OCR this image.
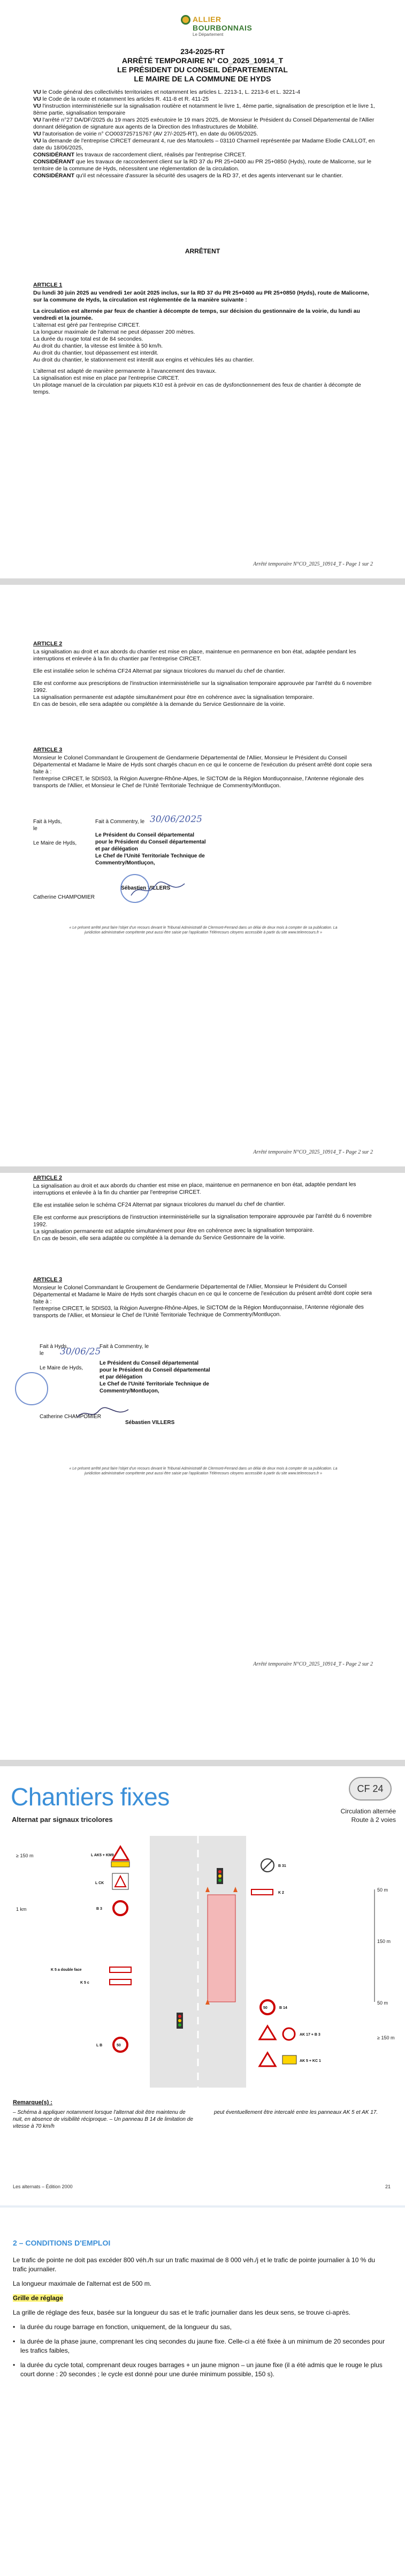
ALLIER
BOURBONNAIS
Le Département
234-2025-RT
ARRÊTÉ TEMPORAIRE N° CO_2025_10914_T
LE PRÉSIDENT DU CONSEIL DÉPARTEMENTAL
LE MAIRE DE LA COMMUNE DE HYDS

VU le Code général des collectivités territoriales et notamment les articles L. 2213-1, L. 2213-6 et L. 3221-4

VU le Code de la route et notamment les articles R. 411-8 et R. 411-25

VU l'instruction interministérielle sur la signalisation routière et notamment le livre 1, 4ème partie, signalisation de prescription et le livre 1, 8ème partie, signalisation temporaire

VU l'arrêté n°27 DA/DF/2025 du 19 mars 2025 exécutoire le 19 mars 2025, de Monsieur le Président du Conseil Départemental de l'Allier donnant délégation de signature aux agents de la Direction des Infrastructures de Mobilité.

VU l'autorisation de voirie n° CO00372571S767 (AV 27/-2025-RT), en date du 06/05/2025.

VU la demande de l'entreprise CIRCET demeurant 4, rue des Martoulets – 03110 Charmeil représentée par Madame Elodie CAILLOT, en date du 18/06/2025,

CONSIDÉRANT les travaux de raccordement client, réalisés par l'entreprise CIRCET.

CONSIDÉRANT que les travaux de raccordement client sur la RD 37 du PR 25+0400 au PR 25+0850 (Hyds), route de Malicorne, sur le territoire de la commune de Hyds, nécessitent une réglementation de la circulation.

CONSIDÉRANT qu'il est nécessaire d'assurer la sécurité des usagers de la RD 37, et des agents intervenant sur le chantier.

ARRÊTENT
ARTICLE 1

Du lundi 30 juin 2025 au vendredi 1er août 2025 inclus, sur la RD 37 du PR 25+0400 au PR 25+0850 (Hyds), route de Malicorne, sur la commune de Hyds, la circulation est réglementée de la manière suivante :

La circulation est alternée par feux de chantier à décompte de temps, sur décision du gestionnaire de la voirie, du lundi au vendredi et la journée.

L'alternat est géré par l'entreprise CIRCET.

La longueur maximale de l'alternat ne peut dépasser 200 mètres.

La durée du rouge total est de 84 secondes.

Au droit du chantier, la vitesse est limitée à 50 km/h.

Au droit du chantier, tout dépassement est interdit.

Au droit du chantier, le stationnement est interdit aux engins et véhicules liés au chantier.

L'alternat est adapté de manière permanente à l'avancement des travaux.

La signalisation est mise en place par l'entreprise CIRCET.

Un pilotage manuel de la circulation par piquets K10 est à prévoir en cas de dysfonctionnement des feux de chantier à décompte de temps.

Arrêté temporaire N°CO_2025_10914_T - Page 1 sur 2
ARTICLE 2

La signalisation au droit et aux abords du chantier est mise en place, maintenue en permanence en bon état, adaptée pendant les interruptions et enlevée à la fin du chantier par l'entreprise CIRCET.

Elle est installée selon le schéma CF24 Alternat par signaux tricolores du manuel du chef de chantier.

Elle est conforme aux prescriptions de l'instruction interministérielle sur la signalisation temporaire approuvée par l'arrêté du 6 novembre 1992.

La signalisation permanente est adaptée simultanément pour être en cohérence avec la signalisation temporaire.

En cas de besoin, elle sera adaptée ou complétée à la demande du Service Gestionnaire de la voirie.

ARTICLE 3

Monsieur le Colonel Commandant le Groupement de Gendarmerie Départemental de l'Allier, Monsieur le Président du Conseil Départemental et Madame le Maire de Hyds sont chargés chacun en ce qui le concerne de l'exécution du présent arrêté dont copie sera faite à :

l'entreprise CIRCET, le SDIS03, la Région Auvergne-Rhône-Alpes, le SICTOM de la Région Montluçonnaise, l'Antenne régionale des transports de l'Allier, et Monsieur le Chef de l'Unité Territoriale Technique de Commentry/Montluçon.

Fait à Hyds,
le
Le Maire de Hyds,
Catherine CHAMPOMIER
Fait à Commentry, le
Le Président du Conseil départemental
pour le Président du Conseil départemental
et par délégation
Le Chef de l'Unité Territoriale Technique de
Commentry/Montluçon,
Sébastien VILLERS
30/06/2025
« Le présent arrêté peut faire l'objet d'un recours devant le Tribunal Administratif de Clermont-Ferrand dans un délai de deux mois à compter de sa publication. La juridiction administrative compétente peut aussi être saisie par l'application Télérecours citoyens accessible à partir du site www.telerecours.fr »
Arrêté temporaire N°CO_2025_10914_T - Page 2 sur 2
ARTICLE 2

La signalisation au droit et aux abords du chantier est mise en place, maintenue en permanence en bon état, adaptée pendant les interruptions et enlevée à la fin du chantier par l'entreprise CIRCET.

Elle est installée selon le schéma CF24 Alternat par signaux tricolores du manuel du chef de chantier.

Elle est conforme aux prescriptions de l'instruction interministérielle sur la signalisation temporaire approuvée par l'arrêté du 6 novembre 1992.

La signalisation permanente est adaptée simultanément pour être en cohérence avec la signalisation temporaire.

En cas de besoin, elle sera adaptée ou complétée à la demande du Service Gestionnaire de la voirie.

ARTICLE 3

Monsieur le Colonel Commandant le Groupement de Gendarmerie Départemental de l'Allier, Monsieur le Président du Conseil Départemental et Madame le Maire de Hyds sont chargés chacun en ce qui le concerne de l'exécution du présent arrêté dont copie sera faite à :

l'entreprise CIRCET, le SDIS03, la Région Auvergne-Rhône-Alpes, le SICTOM de la Région Montluçonnaise, l'Antenne régionale des transports de l'Allier, et Monsieur le Chef de l'Unité Territoriale Technique de Commentry/Montluçon.

Fait à Hyds,
le
Le Maire de Hyds,
Catherine CHAMPOMIER
30/06/25
Fait à Commentry, le
Le Président du Conseil départemental
pour le Président du Conseil départemental
et par délégation
Le Chef de l'Unité Territoriale Technique de
Commentry/Montluçon,
Sébastien VILLERS
« Le présent arrêté peut faire l'objet d'un recours devant le Tribunal Administratif de Clermont-Ferrand dans un délai de deux mois à compter de sa publication. La juridiction administrative compétente peut aussi être saisie par l'application Télérecours citoyens accessible à partir du site www.telerecours.fr »
Arrêté temporaire N°CO_2025_10914_T - Page 2 sur 2
Chantiers fixes
Alternat par signaux tricolores
CF 24
Circulation alternée
Route à 2 voies
L AK5 + KM9
L CK
B 3
K 5 a double face
K 5 c
50
L B
B 31
K 2
50	B 14
AK 17 + B 3
AK 5 + KC 1
50 m
150 m
50 m
≥ 150 m
≥ 150 m
1 km
Remarque(s) :
– Schéma à appliquer notamment lorsque l'alternat doit être maintenu de nuit, en absence de visibilité réciproque. – Un panneau B 14 de limitation de vitesse à 70 km/h
peut éventuellement être intercalé entre les panneaux AK 5 et AK 17.
Les alternats – Édition 2000	21
2 – CONDITIONS D'EMPLOI

Le trafic de pointe ne doit pas excéder 800 véh./h sur un trafic maximal de 8 000 véh./j et le trafic de pointe journalier à 10 % du trafic journalier.

La longueur maximale de l'alternat est de 500 m.

Grille de réglage

La grille de réglage des feux, basée sur la longueur du sas et le trafic journalier dans les deux sens, se trouve ci-après.

• la durée du rouge barrage en fonction, uniquement, de la longueur du sas,
• la durée de la phase jaune, comprenant les cinq secondes du jaune fixe. Celle-ci a été fixée à un minimum de 20 secondes pour les trafics faibles,
• la durée du cycle total, comprenant deux rouges barrages + un jaune mignon – un jaune fixe (il a été admis que le rouge le plus court donne : 20 secondes ; le cycle est donné pour une durée minimum possible, 150 s).
